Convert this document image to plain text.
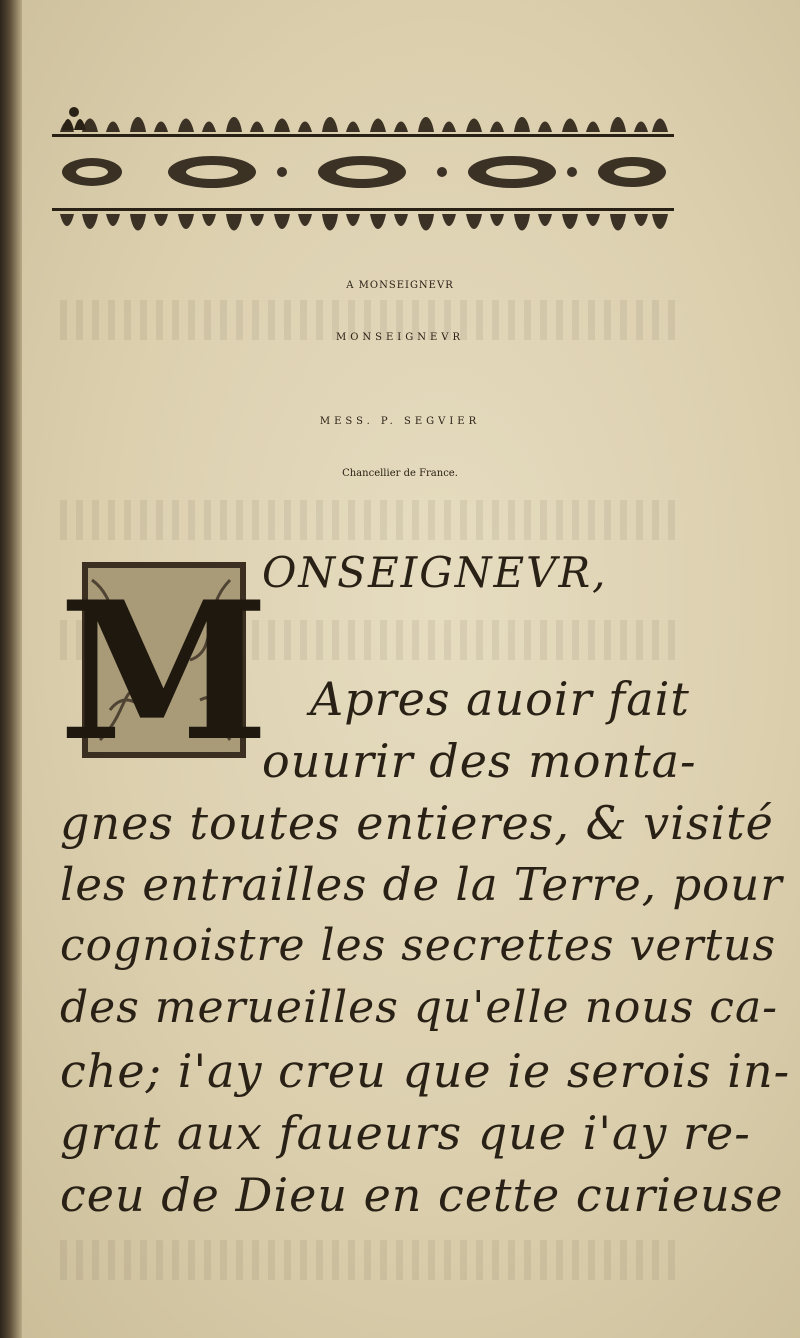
A MONSEIGNEVR
MONSEIGNEVR
MESS. P. SEGVIER
Chancellier de France.
M
ONSEIGNEVR,
Apres auoir fait
ouurir des monta-
gnes toutes entieres, & visité
les entrailles de la Terre, pour
cognoistre les secrettes vertus
des merueilles qu'elle nous ca-
che; i'ay creu que ie serois in-
grat aux faueurs que i'ay re-
ceu de Dieu en cette curieuse
